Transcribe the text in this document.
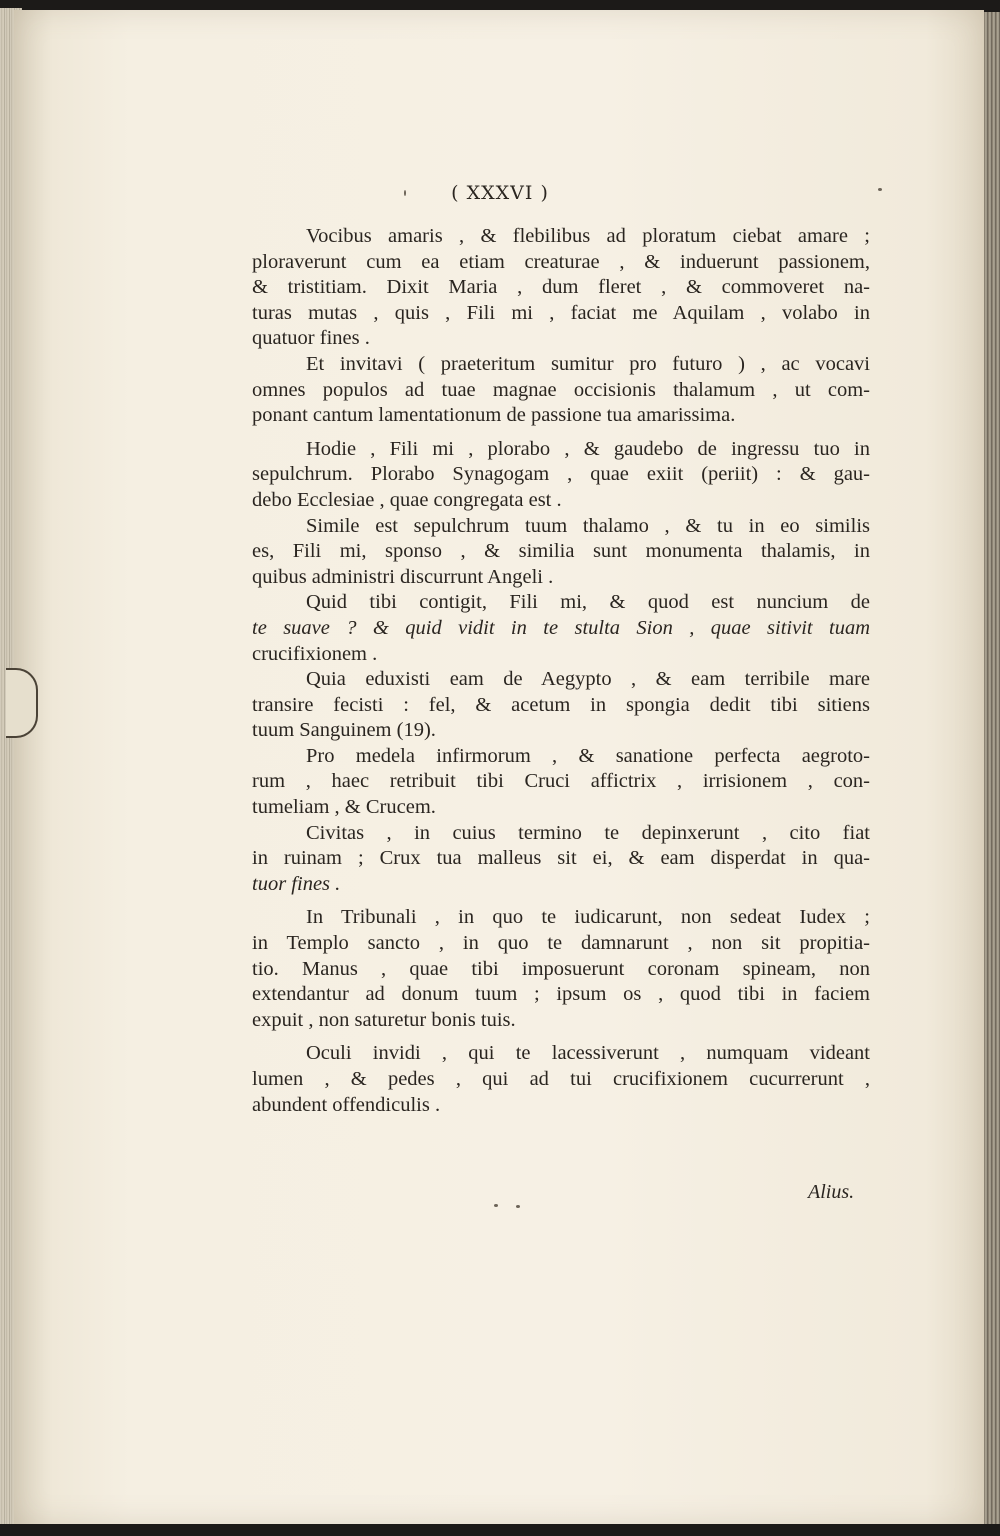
( XXXVI )

Vocibus amaris , & flebilibus ad ploratum ciebat amare ;
ploraverunt cum ea etiam creaturae , & induerunt passionem,
& tristitiam. Dixit Maria , dum fleret , & commoveret na-
turas mutas , quis , Fili mi , faciat me Aquilam , volabo in
quatuor fines .

Et invitavi ( praeteritum sumitur pro futuro ) , ac vocavi
omnes populos ad tuae magnae occisionis thalamum , ut com-
ponant cantum lamentationum de passione tua amarissima.

Hodie , Fili mi , plorabo , & gaudebo de ingressu tuo in
sepulchrum. Plorabo Synagogam , quae exiit (periit) : & gau-
debo Ecclesiae , quae congregata est .

Simile est sepulchrum tuum thalamo , & tu in eo similis
es, Fili mi, sponso , & similia sunt monumenta thalamis, in
quibus administri discurrunt Angeli .

Quid tibi contigit, Fili mi, & quod est nuncium de
te suave ? & quid vidit in te stulta Sion , quae sitivit tuam
crucifixionem .

Quia eduxisti eam de Aegypto , & eam terribile mare
transire fecisti : fel, & acetum in spongia dedit tibi sitiens
tuum Sanguinem (19).

Pro medela infirmorum , & sanatione perfecta aegroto-
rum , haec retribuit tibi Cruci affictrix , irrisionem , con-
tumeliam , & Crucem.

Civitas , in cuius termino te depinxerunt , cito fiat
in ruinam ; Crux tua malleus sit ei, & eam disperdat in qua-
tuor fines .

In Tribunali , in quo te iudicarunt, non sedeat Iudex ;
in Templo sancto , in quo te damnarunt , non sit propitia-
tio. Manus , quae tibi imposuerunt coronam spineam, non
extendantur ad donum tuum ; ipsum os , quod tibi in faciem
expuit , non saturetur bonis tuis.

Oculi invidi , qui te lacessiverunt , numquam videant
lumen , & pedes , qui ad tui crucifixionem cucurrerunt ,
abundent offendiculis .

Alius.
